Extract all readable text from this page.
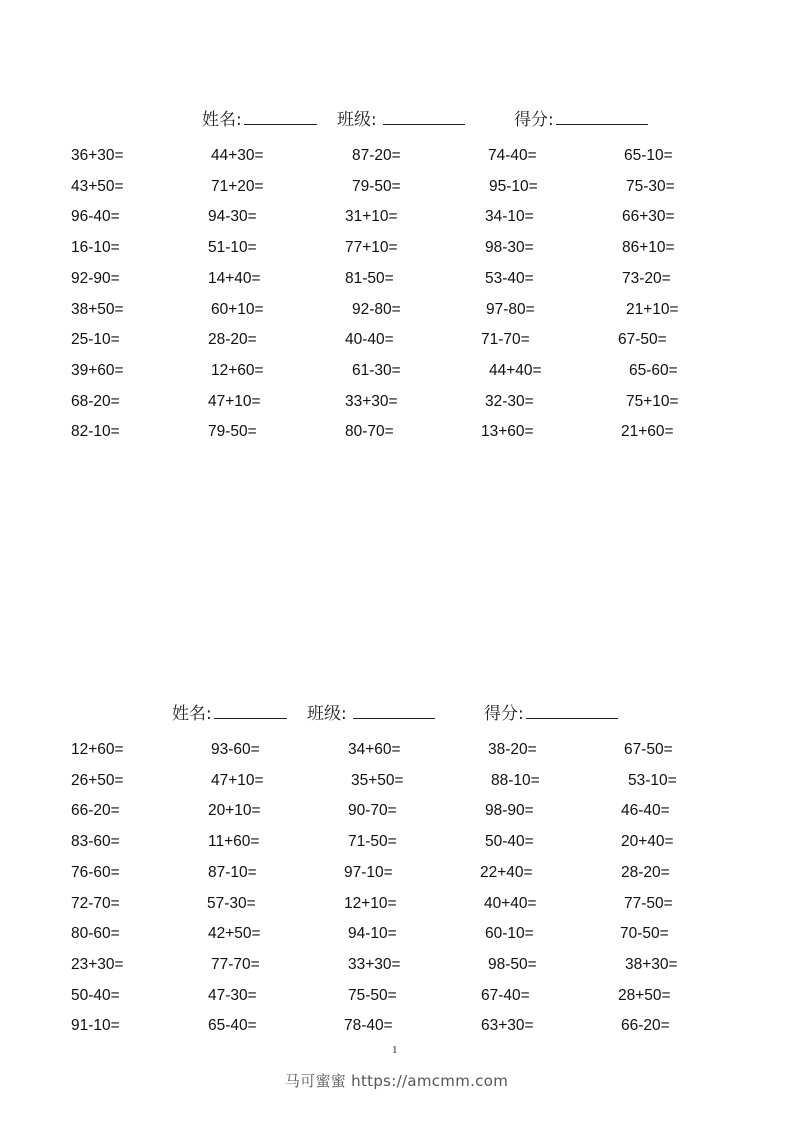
姓名:	班级:	得分:
姓名:	班级:	得分:
36+30=	44+30=	87-20=	74-40=	65-10=
43+50=	71+20=	79-50=	95-10=	75-30=
96-40=	94-30=	31+10=	34-10=	66+30=
16-10=	51-10=	77+10=	98-30=	86+10=
92-90=	14+40=	81-50=	53-40=	73-20=
38+50=	60+10=	92-80=	97-80=	21+10=
25-10=	28-20=	40-40=	71-70=	67-50=
39+60=	12+60=	61-30=	44+40=	65-60=
68-20=	47+10=	33+30=	32-30=	75+10=
82-10=	79-50=	80-70=	13+60=	21+60=
12+60=	93-60=	34+60=	38-20=	67-50=
26+50=	47+10=	35+50=	88-10=	53-10=
66-20=	20+10=	90-70=	98-90=	46-40=
83-60=	11+60=	71-50=	50-40=	20+40=
76-60=	87-10=	97-10=	22+40=	28-20=
72-70=	57-30=	12+10=	40+40=	77-50=
80-60=	42+50=	94-10=	60-10=	70-50=
23+30=	77-70=	33+30=	98-50=	38+30=
50-40=	47-30=	75-50=	67-40=	28+50=
91-10=	65-40=	78-40=	63+30=	66-20=
1
马可蜜蜜 https://amcmm.com
